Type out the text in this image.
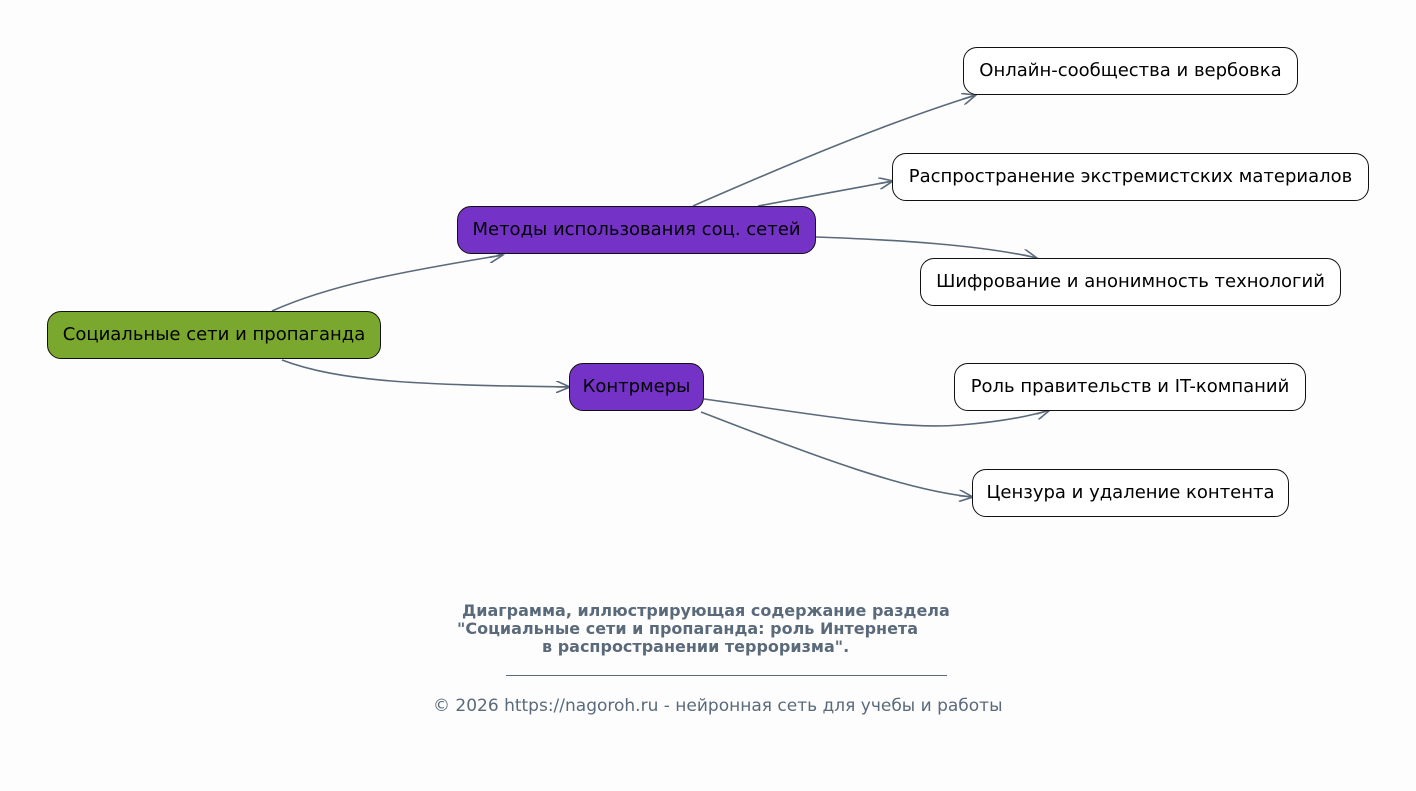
Социальные сети и пропаганда
Методы использования соц. сетей
Контрмеры
Онлайн-сообщества и вербовка
Распространение экстремистских материалов
Шифрование и анонимность технологий
Роль правительств и IT-компаний
Цензура и удаление контента
Диаграмма, иллюстрирующая содержание раздела
"Социальные сети и пропаганда: роль Интернета
в распространении терроризма".
© 2026 https://nagoroh.ru - нейронная сеть для учебы и работы
